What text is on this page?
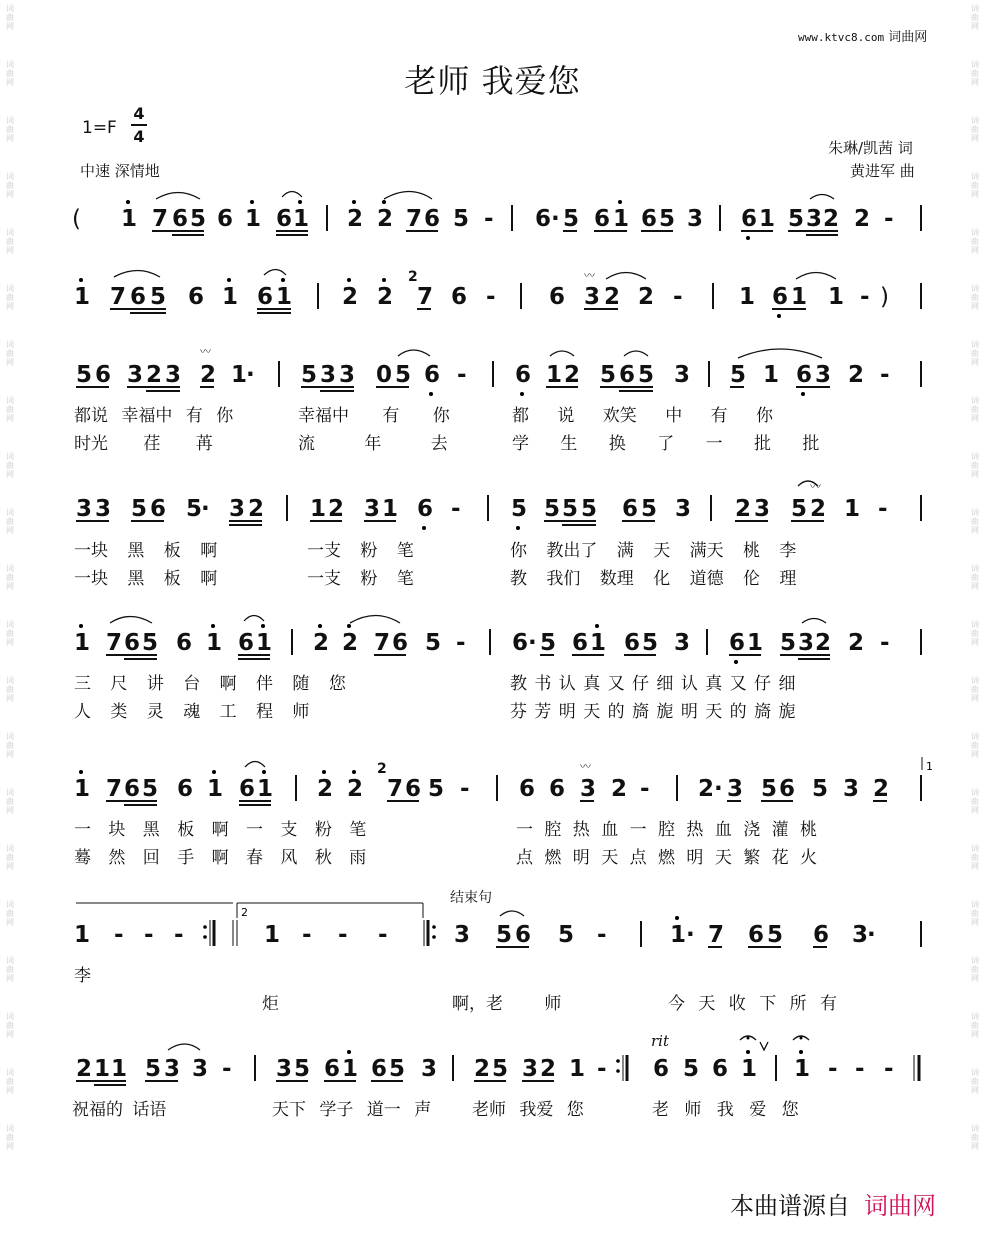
词
曲
网
词
曲
网
词
曲
网
词
曲
网
词
曲
网
词
曲
网
词
曲
网
词
曲
网
词
曲
网
词
曲
网
词
曲
网
词
曲
网
词
曲
网
词
曲
网
词
曲
网
词
曲
网
词
曲
网
词
曲
网
词
曲
网
词
曲
网
词
曲
网
词
曲
网
词
曲
网
词
曲
网
词
曲
网
词
曲
网
词
曲
网
词
曲
网
词
曲
网
词
曲
网
词
曲
网
词
曲
网
词
曲
网
词
曲
网
词
曲
网
词
曲
网
词
曲
网
词
曲
网
词
曲
网
词
曲
网
词
曲
网
词
曲
网
www.ktvc8.com 词曲网
老师 我爱您
1=F
4
4
中速 深情地
朱琳/凯茜 词
黄进军 曲
( 1 7 6 5 6 1 6 1 2 2 7 6 5 - 6 · 5 6 1 6 5 3 6 1 5 3 2 2 -
1 7 6 5 6 1 6 1 2 2
2
7 6 - 6 3 2
〰
2 - 1 6 1 1 - )
5 6 3 2 3
〰
2 1
· 5 3 3 0 5 6 - 6 1 2 5 6 5 3 5 1 6 3 2 -
3 3 5 6 5
· 3 2 1 2 3 1 6 - 5 5 5 5 6 5 3 2 3 5 2
〰
1 -
1 7 6 5 6 1 6 1 2 2 7 6 5 - 6 · 5 6 1 6 5 3 6 1 5 3 2 2 -
1 7 6 5 6 1 6 1 2 2
2
7 6 5 - 6 6
〰
3 2 - 2 · 3 5 6 5 3 2
1
1 - - -
2
1 - - -	3 5 6 5 -	1 · 7 6 5 6 3
·
2 1 1 5 3 3 - 3 5 6 1 6 5 3 2 5 3 2 1 - 6 5 6 1 1 - - -
rit
结束句
都说 幸福中 有 你	幸福中 有 你	都 说 欢笑 中 有 你
时光 荏 苒	流 年 去	学 生 换 了 一 批 批
一块 黑 板 啊	一支 粉 笔	你 教出了 满 天 满天 桃 李
一块 黑 板 啊	一支 粉 笔	教 我们 数理 化 道德 伦 理
三 尺 讲 台 啊 伴 随 您	教 书 认 真 又 仔 细 认 真 又 仔 细
人 类 灵 魂 工 程 师	芬 芳 明 天 的 旖 旎 明 天 的 旖 旎
一 块 黑 板 啊 一 支 粉 笔	一 腔 热 血 一 腔 热 血 浇 灌 桃
蓦 然 回 手 啊 春 风 秋 雨	点 燃 明 天 点 燃 明 天 繁 花 火
李
炬	啊，老 师	今 天 收 下 所 有
祝福的 话语	天下 学子 道一 声 老师 我爱 您	老 师 我 爱 您
本曲谱源自 词曲网
